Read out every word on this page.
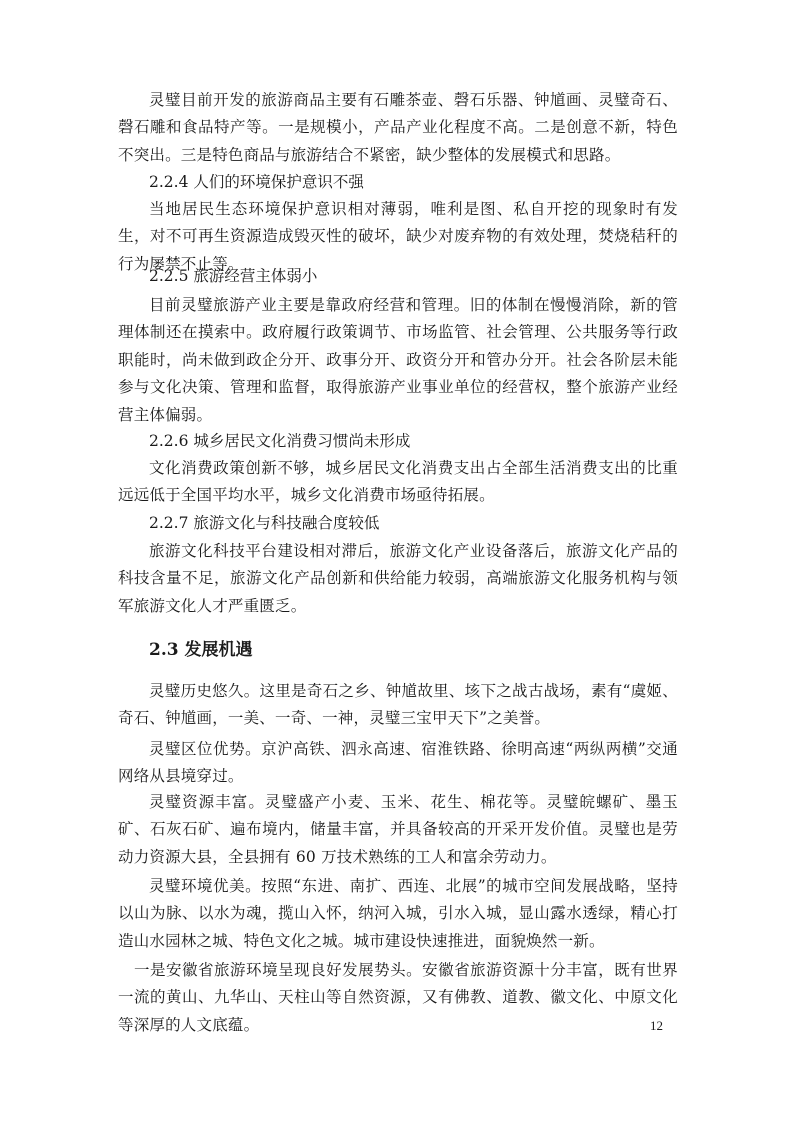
灵璧目前开发的旅游商品主要有石雕茶壶、磬石乐器、钟馗画、灵璧奇石、磬石雕和食品特产等。一是规模小，产品产业化程度不高。二是创意不新，特色不突出。三是特色商品与旅游结合不紧密，缺少整体的发展模式和思路。

2.2.4 人们的环境保护意识不强

当地居民生态环境保护意识相对薄弱，唯利是图、私自开挖的现象时有发生，对不可再生资源造成毁灭性的破坏，缺少对废弃物的有效处理，焚烧秸秆的行为屡禁不止等。

2.2.5 旅游经营主体弱小

目前灵璧旅游产业主要是靠政府经营和管理。旧的体制在慢慢消除，新的管理体制还在摸索中。政府履行政策调节、市场监管、社会管理、公共服务等行政职能时，尚未做到政企分开、政事分开、政资分开和管办分开。社会各阶层未能参与文化决策、管理和监督，取得旅游产业事业单位的经营权，整个旅游产业经营主体偏弱。

2.2.6 城乡居民文化消费习惯尚未形成

文化消费政策创新不够，城乡居民文化消费支出占全部生活消费支出的比重远远低于全国平均水平，城乡文化消费市场亟待拓展。

2.2.7 旅游文化与科技融合度较低

旅游文化科技平台建设相对滞后，旅游文化产业设备落后，旅游文化产品的科技含量不足，旅游文化产品创新和供给能力较弱，高端旅游文化服务机构与领军旅游文化人才严重匮乏。

2.3 发展机遇

灵璧历史悠久。这里是奇石之乡、钟馗故里、垓下之战古战场，素有“虞姬、奇石、钟馗画，一美、一奇、一神，灵璧三宝甲天下”之美誉。

灵璧区位优势。京沪高铁、泗永高速、宿淮铁路、徐明高速“两纵两横”交通网络从县境穿过。

灵璧资源丰富。灵璧盛产小麦、玉米、花生、棉花等。灵璧皖螺矿、墨玉矿、石灰石矿、遍布境内，储量丰富，并具备较高的开采开发价值。灵璧也是劳动力资源大县，全县拥有 60 万技术熟练的工人和富余劳动力。

灵璧环境优美。按照“东进、南扩、西连、北展”的城市空间发展战略，坚持以山为脉、以水为魂，揽山入怀，纳河入城，引水入城，显山露水透绿，精心打造山水园林之城、特色文化之城。城市建设快速推进，面貌焕然一新。

一是安徽省旅游环境呈现良好发展势头。安徽省旅游资源十分丰富，既有世界一流的黄山、九华山、天柱山等自然资源，又有佛教、道教、徽文化、中原文化等深厚的人文底蕴。	12
